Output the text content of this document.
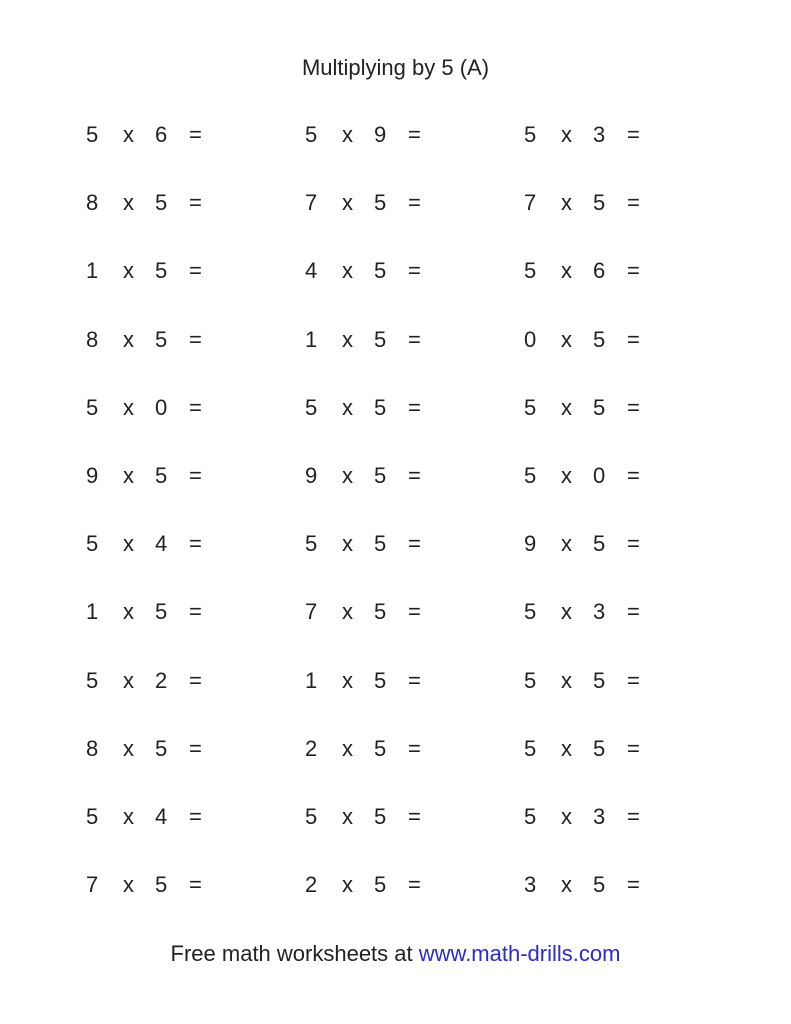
Multiplying by 5 (A)
5 x 6 =	5 x 9 =	5 x 3 =
8 x 5 =	7 x 5 =	7 x 5 =
1 x 5 =	4 x 5 =	5 x 6 =
8 x 5 =	1 x 5 =	0 x 5 =
5 x 0 =	5 x 5 =	5 x 5 =
9 x 5 =	9 x 5 =	5 x 0 =
5 x 4 =	5 x 5 =	9 x 5 =
1 x 5 =	7 x 5 =	5 x 3 =
5 x 2 =	1 x 5 =	5 x 5 =
8 x 5 =	2 x 5 =	5 x 5 =
5 x 4 =	5 x 5 =	5 x 3 =
7 x 5 =	2 x 5 =	3 x 5 =
Free math worksheets at www.math-drills.com
